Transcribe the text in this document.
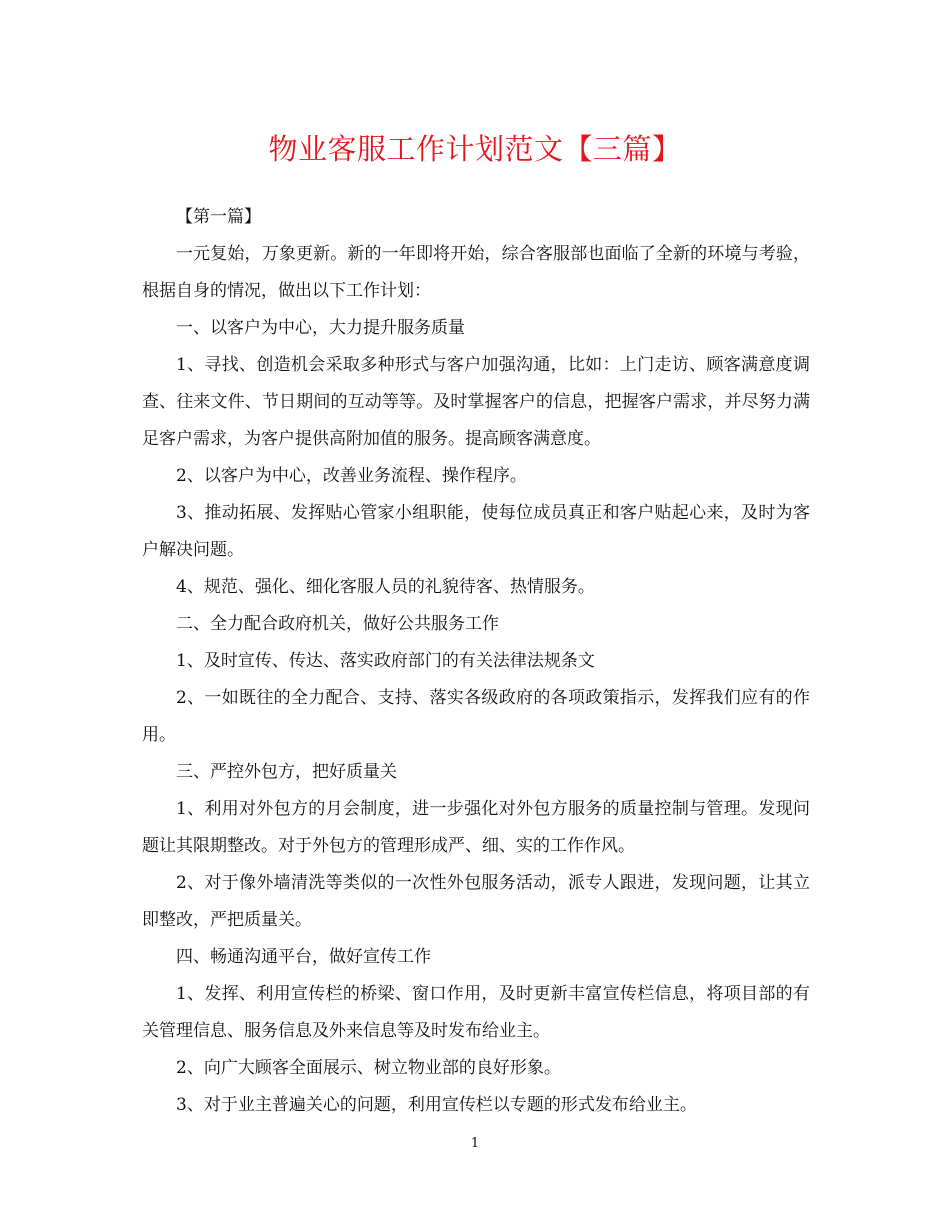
物业客服工作计划范文【三篇】

【第一篇】

一元复始，万象更新。新的一年即将开始，综合客服部也面临了全新的环境与考验，根据自身的情况，做出以下工作计划：

一、以客户为中心，大力提升服务质量

1、寻找、创造机会采取多种形式与客户加强沟通，比如：上门走访、顾客满意度调查、往来文件、节日期间的互动等等。及时掌握客户的信息，把握客户需求，并尽努力满足客户需求，为客户提供高附加值的服务。提高顾客满意度。

2、以客户为中心，改善业务流程、操作程序。

3、推动拓展、发挥贴心管家小组职能，使每位成员真正和客户贴起心来，及时为客户解决问题。

4、规范、强化、细化客服人员的礼貌待客、热情服务。

二、全力配合政府机关，做好公共服务工作

1、及时宣传、传达、落实政府部门的有关法律法规条文

2、一如既往的全力配合、支持、落实各级政府的各项政策指示，发挥我们应有的作用。

三、严控外包方，把好质量关

1、利用对外包方的月会制度，进一步强化对外包方服务的质量控制与管理。发现问题让其限期整改。对于外包方的管理形成严、细、实的工作作风。

2、对于像外墙清洗等类似的一次性外包服务活动，派专人跟进，发现问题，让其立即整改，严把质量关。

四、畅通沟通平台，做好宣传工作

1、发挥、利用宣传栏的桥梁、窗口作用，及时更新丰富宣传栏信息，将项目部的有关管理信息、服务信息及外来信息等及时发布给业主。

2、向广大顾客全面展示、树立物业部的良好形象。

3、对于业主普遍关心的问题，利用宣传栏以专题的形式发布给业主。

1
